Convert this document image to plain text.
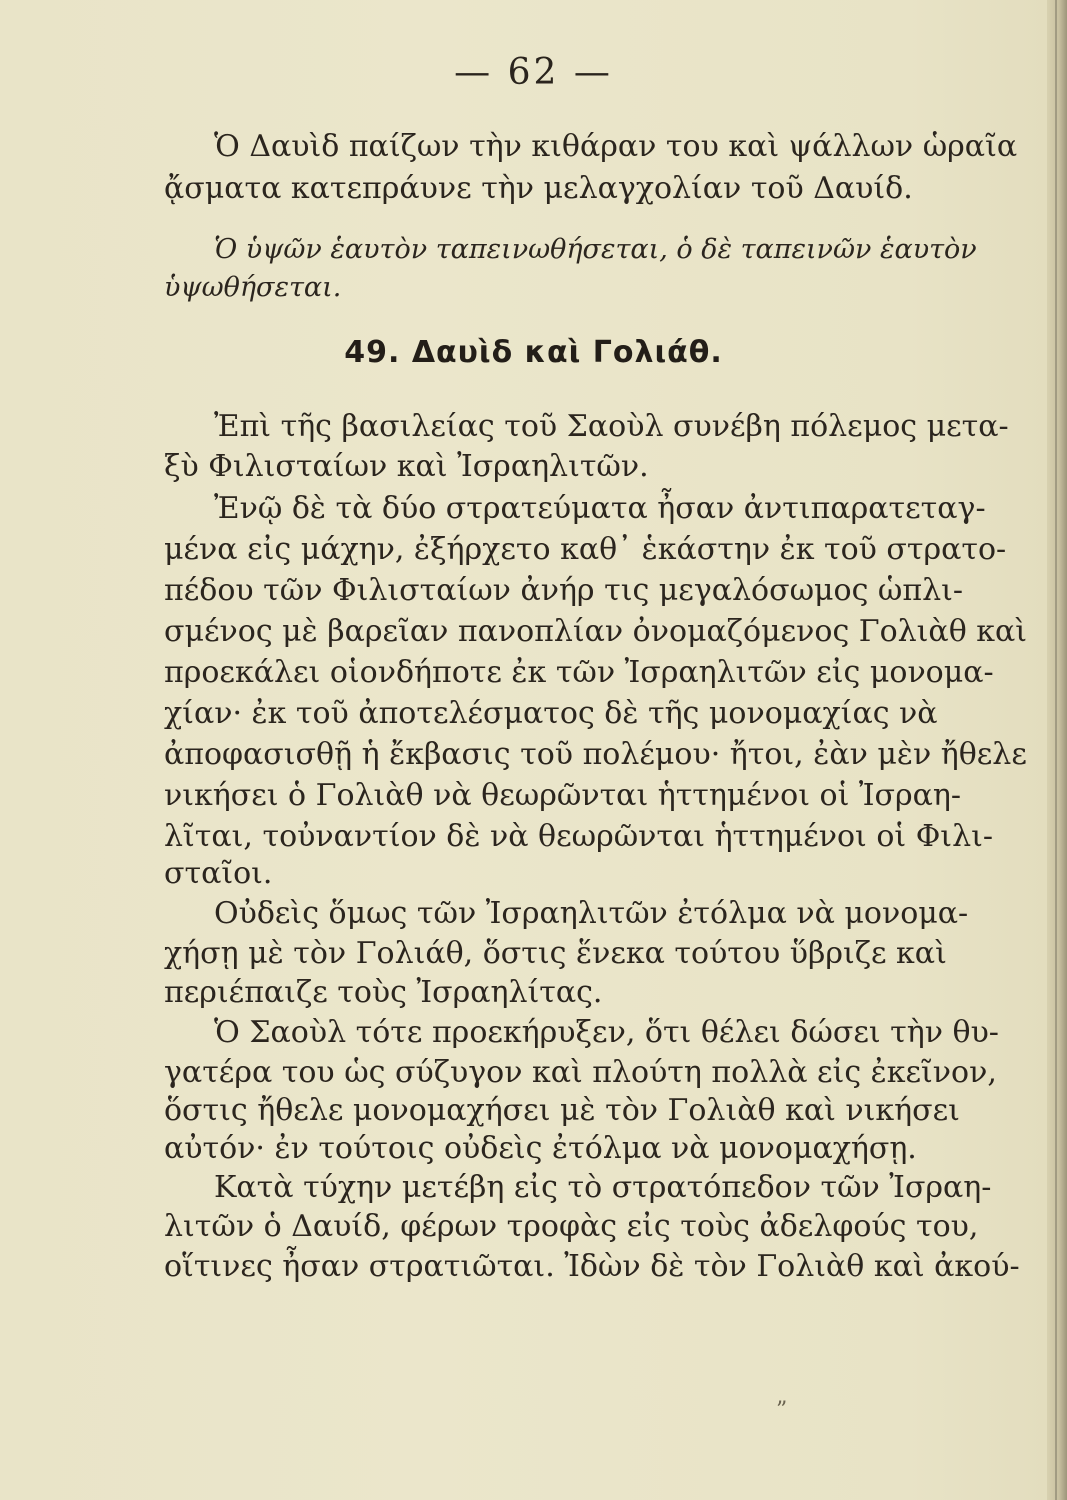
— 62 —
Ὁ Δαυὶδ παίζων τὴν κιθάραν του καὶ ψάλλων ὡραῖα
ᾄσματα κατεπράυνε τὴν μελαγχολίαν τοῦ Δαυίδ.
Ὁ ὑψῶν ἑαυτὸν ταπεινωθήσεται, ὁ δὲ ταπεινῶν ἑαυτὸν
ὑψωθήσεται.
49. Δαυὶδ καὶ Γολιάθ.
Ἐπὶ τῆς βασιλείας τοῦ Σαοὺλ συνέβη πόλεμος μετα-
ξὺ Φιλισταίων καὶ Ἰσραηλιτῶν.
Ἐνῷ δὲ τὰ δύο στρατεύματα ἦσαν ἀντιπαρατεταγ-
μένα εἰς μάχην, ἐξήρχετο καθ᾽ ἑκάστην ἐκ τοῦ στρατο-
πέδου τῶν Φιλισταίων ἀνήρ τις μεγαλόσωμος ὡπλι-
σμένος μὲ βαρεῖαν πανοπλίαν ὀνομαζόμενος Γολιὰθ καὶ
προεκάλει οἱονδήποτε ἐκ τῶν Ἰσραηλιτῶν εἰς μονομα-
χίαν· ἐκ τοῦ ἀποτελέσματος δὲ τῆς μονομαχίας νὰ
ἀποφασισθῇ ἡ ἔκβασις τοῦ πολέμου· ἤτοι, ἐὰν μὲν ἤθελε
νικήσει ὁ Γολιὰθ νὰ θεωρῶνται ἡττημένοι οἱ Ἰσραη-
λῖται, τοὐναντίον δὲ νὰ θεωρῶνται ἡττημένοι οἱ Φιλι-
σταῖοι.
Οὐδεὶς ὅμως τῶν Ἰσραηλιτῶν ἐτόλμα νὰ μονομα-
χήσῃ μὲ τὸν Γολιάθ, ὅστις ἕνεκα τούτου ὕβριζε καὶ
περιέπαιζε τοὺς Ἰσραηλίτας.
Ὁ Σαοὺλ τότε προεκήρυξεν, ὅτι θέλει δώσει τὴν θυ-
γατέρα του ὡς σύζυγον καὶ πλούτη πολλὰ εἰς ἐκεῖνον,
ὅστις ἤθελε μονομαχήσει μὲ τὸν Γολιὰθ καὶ νικήσει
αὐτόν· ἐν τούτοις οὐδεὶς ἐτόλμα νὰ μονομαχήσῃ.
Κατὰ τύχην μετέβη εἰς τὸ στρατόπεδον τῶν Ἰσραη-
λιτῶν ὁ Δαυίδ, φέρων τροφὰς εἰς τοὺς ἀδελφούς του,
οἵτινες ἦσαν στρατιῶται. Ἰδὼν δὲ τὸν Γολιὰθ καὶ ἀκού-
”
